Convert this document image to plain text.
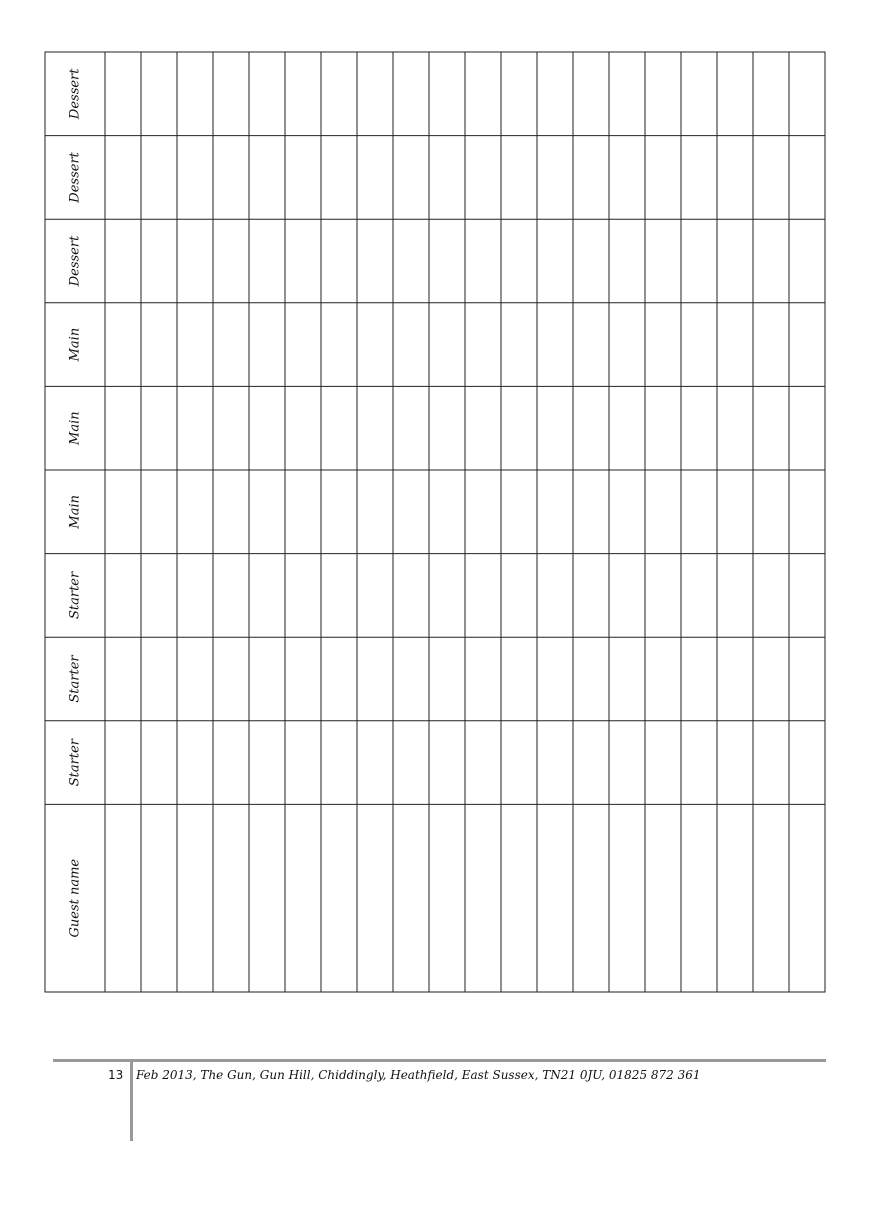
Dessert
Dessert
Dessert
Main
Main
Main
Starter
Starter
Starter
Guest name
13 Feb 2013, The Gun, Gun Hill, Chiddingly, Heathfield, East Sussex, TN21 0JU, 01825 872 361
